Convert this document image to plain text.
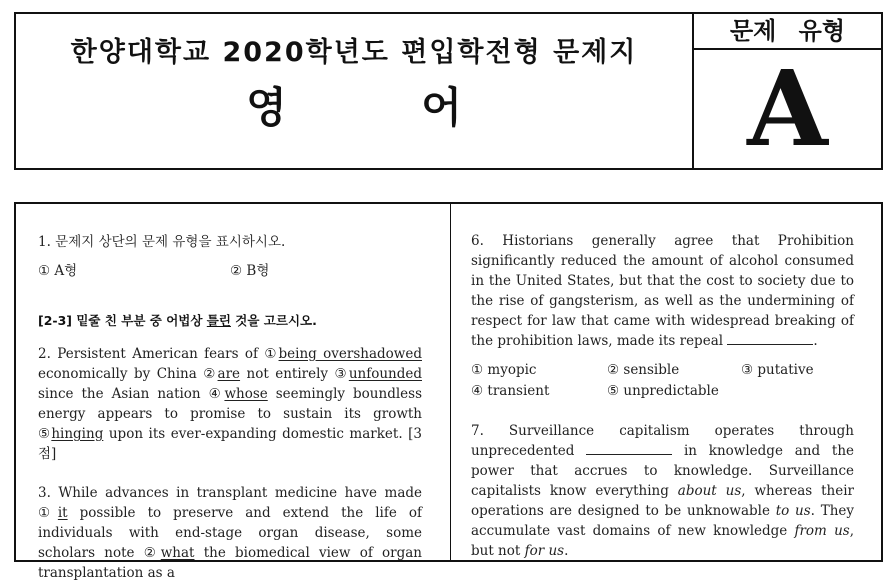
한양대학교 2020학년도 편입학전형 문제지
영 어
문제 유형
A

1. 문제지 상단의 문제 유형을 표시하시오.

① A형	② B형

[2-3] 밑줄 친 부분 중 어법상 틀린 것을 고르시오.

2. Persistent American fears of ①being overshadowed economically by China ②are not entirely ③unfounded since the Asian nation ④whose seemingly boundless energy appears to promise to sustain its growth ⑤hinging upon its ever-expanding domestic market. [3점]

3. While advances in transplant medicine have made ①it possible to preserve and extend the life of individuals with end-stage organ disease, some scholars note ②what the biomedical view of organ transplantation as a

6. Historians generally agree that Prohibition significantly reduced the amount of alcohol consumed in the United States, but that the cost to society due to the rise of gangsterism, as well as the undermining of respect for law that came with widespread breaking of the prohibition laws, made its repeal	.

① myopic	② sensible	③ putative
④ transient	⑤ unpredictable

7. Surveillance capitalism operates through unprecedented	in knowledge and the power that accrues to knowledge. Surveillance capitalists know everything about us, whereas their operations are designed to be unknowable to us. They accumulate vast domains of new knowledge from us, but not for us.
